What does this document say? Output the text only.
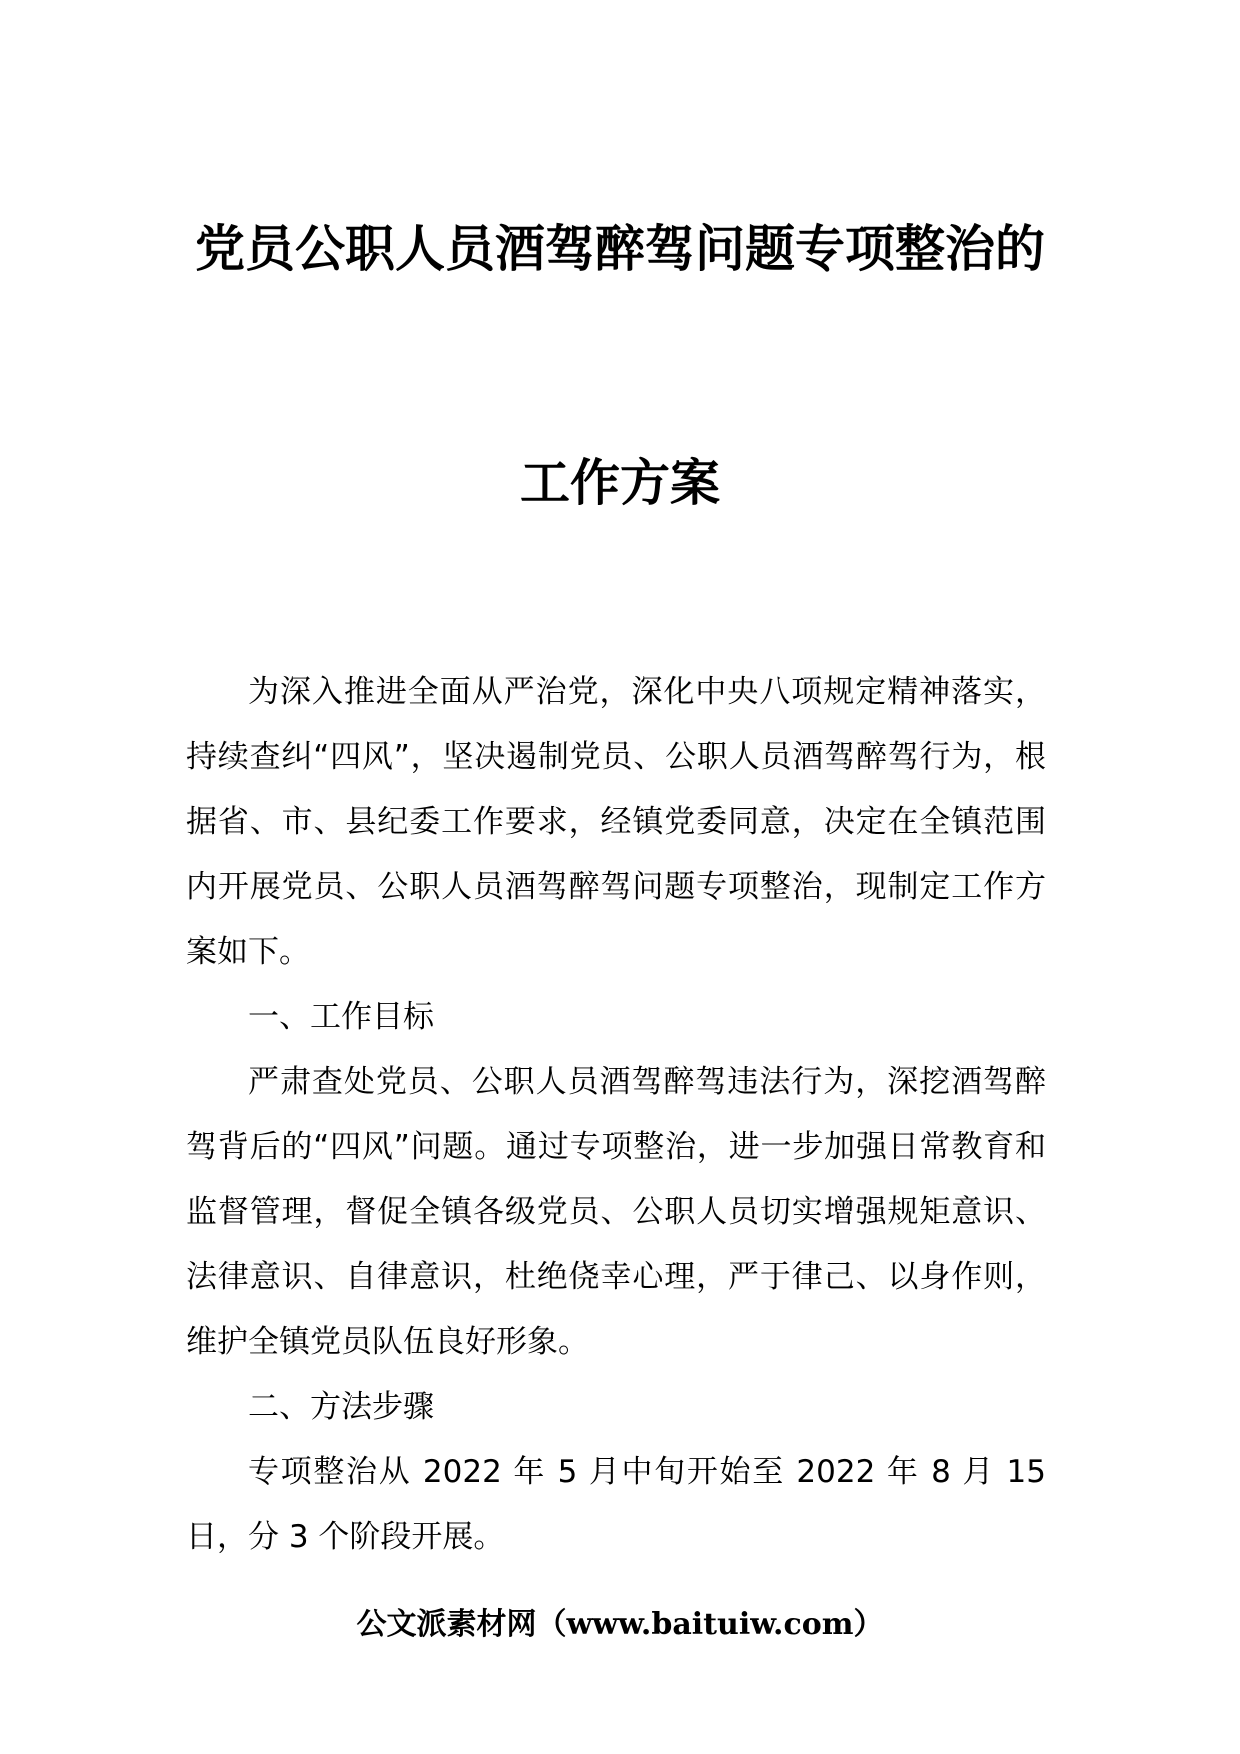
党员公职人员酒驾醉驾问题专项整治的
工作方案

为深入推进全面从严治党，深化中央八项规定精神落实，持续查纠“四风”，坚决遏制党员、公职人员酒驾醉驾行为，根据省、市、县纪委工作要求，经镇党委同意，决定在全镇范围内开展党员、公职人员酒驾醉驾问题专项整治，现制定工作方案如下。

一、工作目标

严肃查处党员、公职人员酒驾醉驾违法行为，深挖酒驾醉驾背后的“四风”问题。通过专项整治，进一步加强日常教育和监督管理，督促全镇各级党员、公职人员切实增强规矩意识、法律意识、自律意识，杜绝侥幸心理，严于律己、以身作则，维护全镇党员队伍良好形象。

二、方法步骤

专项整治从 2022 年 5 月中旬开始至 2022 年 8 月 15 日，分 3 个阶段开展。

公文派素材网（www.baituiw.com）
